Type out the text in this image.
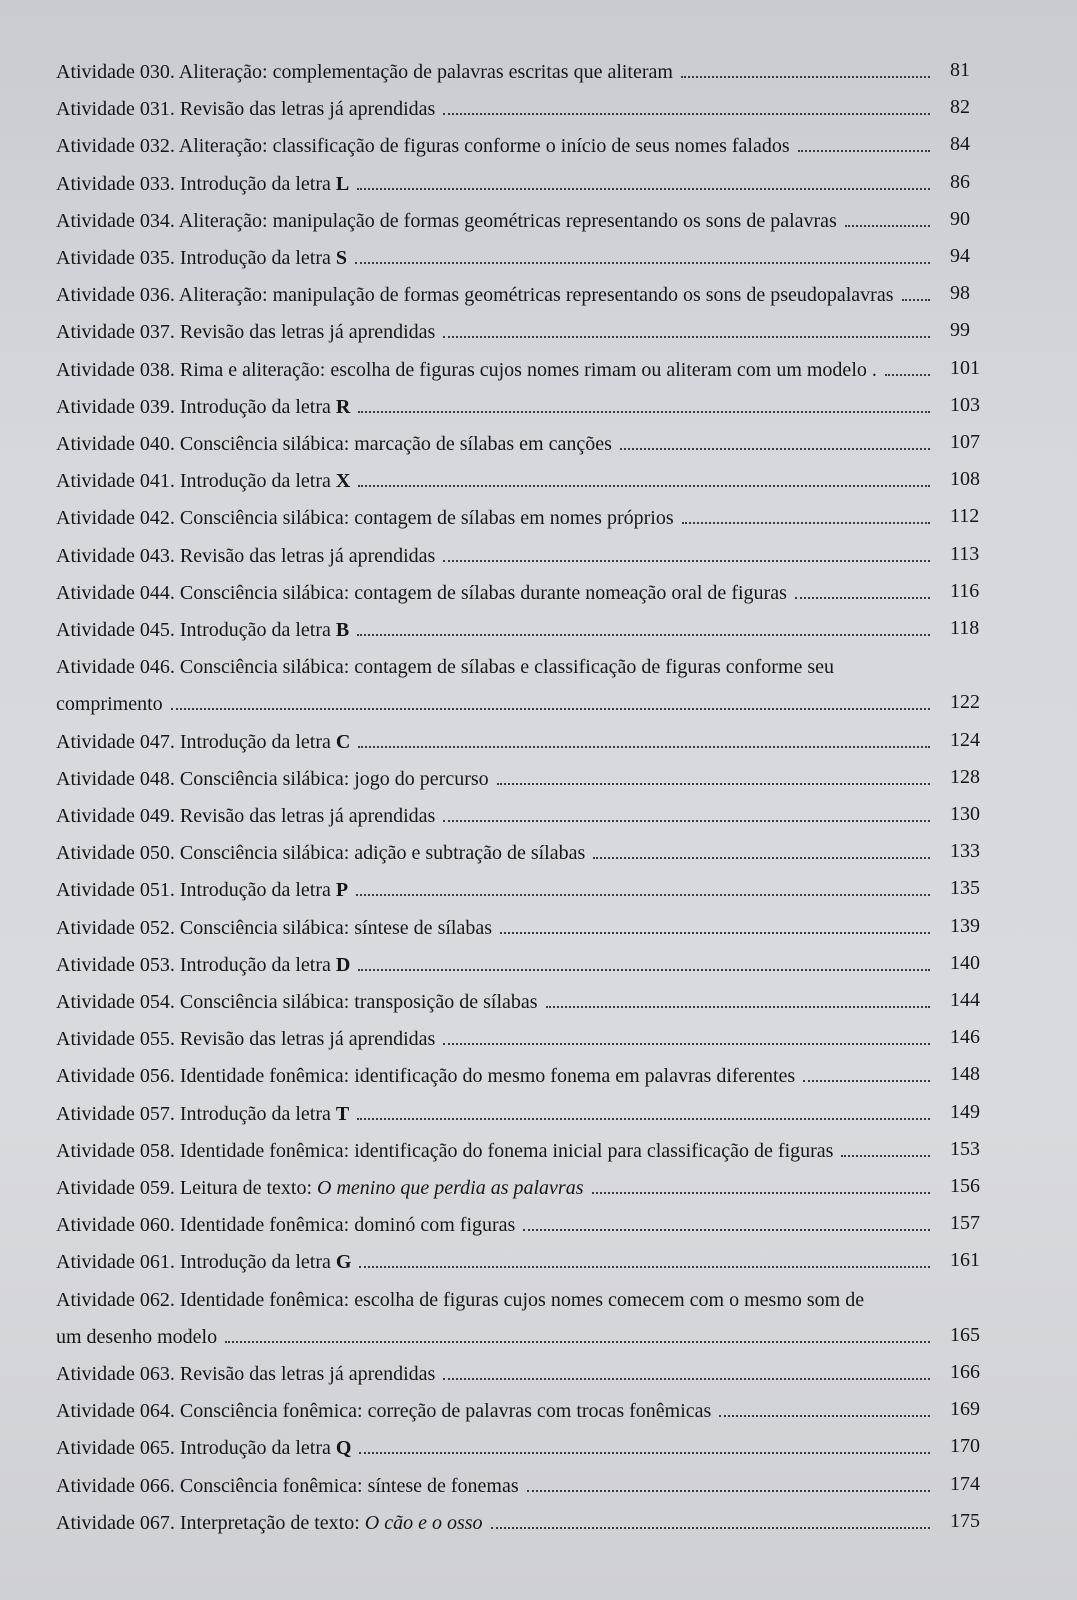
Atividade 030. Aliteração: complementação de palavras escritas que aliteram	81
Atividade 031. Revisão das letras já aprendidas	82
Atividade 032. Aliteração: classificação de figuras conforme o início de seus nomes falados	84
Atividade 033. Introdução da letra L	86
Atividade 034. Aliteração: manipulação de formas geométricas representando os sons de palavras	90
Atividade 035. Introdução da letra S	94
Atividade 036. Aliteração: manipulação de formas geométricas representando os sons de pseudopalavras	98
Atividade 037. Revisão das letras já aprendidas	99
Atividade 038. Rima e aliteração: escolha de figuras cujos nomes rimam ou aliteram com um modelo .	101
Atividade 039. Introdução da letra R	103
Atividade 040. Consciência silábica: marcação de sílabas em canções	107
Atividade 041. Introdução da letra X	108
Atividade 042. Consciência silábica: contagem de sílabas em nomes próprios	112
Atividade 043. Revisão das letras já aprendidas	113
Atividade 044. Consciência silábica: contagem de sílabas durante nomeação oral de figuras	116
Atividade 045. Introdução da letra B	118
Atividade 046. Consciência silábica: contagem de sílabas e classificação de figuras conforme seu
comprimento	122
Atividade 047. Introdução da letra C	124
Atividade 048. Consciência silábica: jogo do percurso	128
Atividade 049. Revisão das letras já aprendidas	130
Atividade 050. Consciência silábica: adição e subtração de sílabas	133
Atividade 051. Introdução da letra P	135
Atividade 052. Consciência silábica: síntese de sílabas	139
Atividade 053. Introdução da letra D	140
Atividade 054. Consciência silábica: transposição de sílabas	144
Atividade 055. Revisão das letras já aprendidas	146
Atividade 056. Identidade fonêmica: identificação do mesmo fonema em palavras diferentes	148
Atividade 057. Introdução da letra T	149
Atividade 058. Identidade fonêmica: identificação do fonema inicial para classificação de figuras	153
Atividade 059. Leitura de texto: O menino que perdia as palavras	156
Atividade 060. Identidade fonêmica: dominó com figuras	157
Atividade 061. Introdução da letra G	161
Atividade 062. Identidade fonêmica: escolha de figuras cujos nomes comecem com o mesmo som de
um desenho modelo	165
Atividade 063. Revisão das letras já aprendidas	166
Atividade 064. Consciência fonêmica: correção de palavras com trocas fonêmicas	169
Atividade 065. Introdução da letra Q	170
Atividade 066. Consciência fonêmica: síntese de fonemas	174
Atividade 067. Interpretação de texto: O cão e o osso	175
